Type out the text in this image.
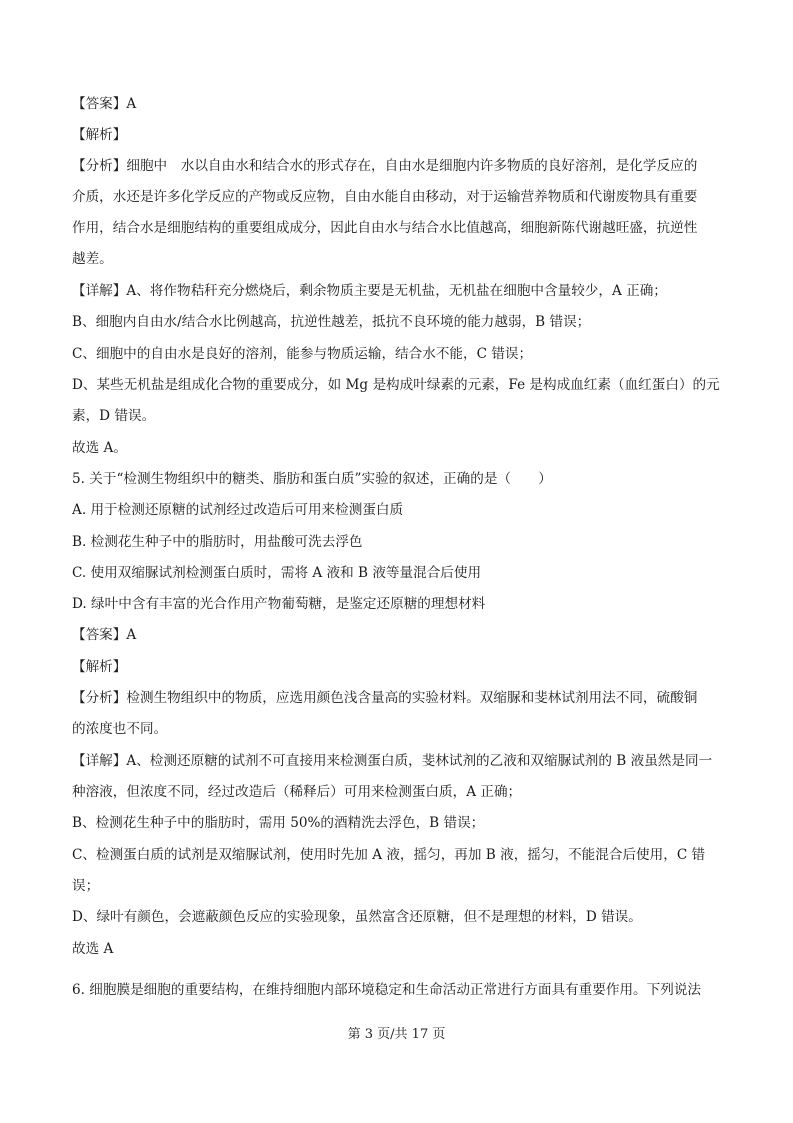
【答案】A
【解析】
【分析】细胞中　水以自由水和结合水的形式存在，自由水是细胞内许多物质的良好溶剂，是化学反应的
介质，水还是许多化学反应的产物或反应物，自由水能自由移动，对于运输营养物质和代谢废物具有重要
作用，结合水是细胞结构的重要组成成分，因此自由水与结合水比值越高，细胞新陈代谢越旺盛，抗逆性
越差。
【详解】A、将作物秸秆充分燃烧后，剩余物质主要是无机盐，无机盐在细胞中含量较少，A 正确；
B、细胞内自由水/结合水比例越高，抗逆性越差，抵抗不良环境的能力越弱，B 错误；
C、细胞中的自由水是良好的溶剂，能参与物质运输，结合水不能，C 错误；
D、某些无机盐是组成化合物的重要成分，如 Mg 是构成叶绿素的元素，Fe 是构成血红素（血红蛋白）的元
素，D 错误。
故选 A。
5. 关于“检测生物组织中的糖类、脂肪和蛋白质”实验的叙述，正确的是（　　）
A. 用于检测还原糖的试剂经过改造后可用来检测蛋白质
B. 检测花生种子中的脂肪时，用盐酸可洗去浮色
C. 使用双缩脲试剂检测蛋白质时，需将 A 液和 B 液等量混合后使用
D. 绿叶中含有丰富的光合作用产物葡萄糖，是鉴定还原糖的理想材料
【答案】A
【解析】
【分析】检测生物组织中的物质，应选用颜色浅含量高的实验材料。双缩脲和斐林试剂用法不同，硫酸铜
的浓度也不同。
【详解】A、检测还原糖的试剂不可直接用来检测蛋白质，斐林试剂的乙液和双缩脲试剂的 B 液虽然是同一
种溶液，但浓度不同，经过改造后（稀释后）可用来检测蛋白质，A 正确；
B、检测花生种子中的脂肪时，需用 50%的酒精洗去浮色，B 错误；
C、检测蛋白质的试剂是双缩脲试剂，使用时先加 A 液，摇匀，再加 B 液，摇匀，不能混合后使用，C 错
误；
D、绿叶有颜色，会遮蔽颜色反应的实验现象，虽然富含还原糖，但不是理想的材料，D 错误。
故选 A
6. 细胞膜是细胞的重要结构，在维持细胞内部环境稳定和生命活动正常进行方面具有重要作用。下列说法
第 3 页/共 17 页
